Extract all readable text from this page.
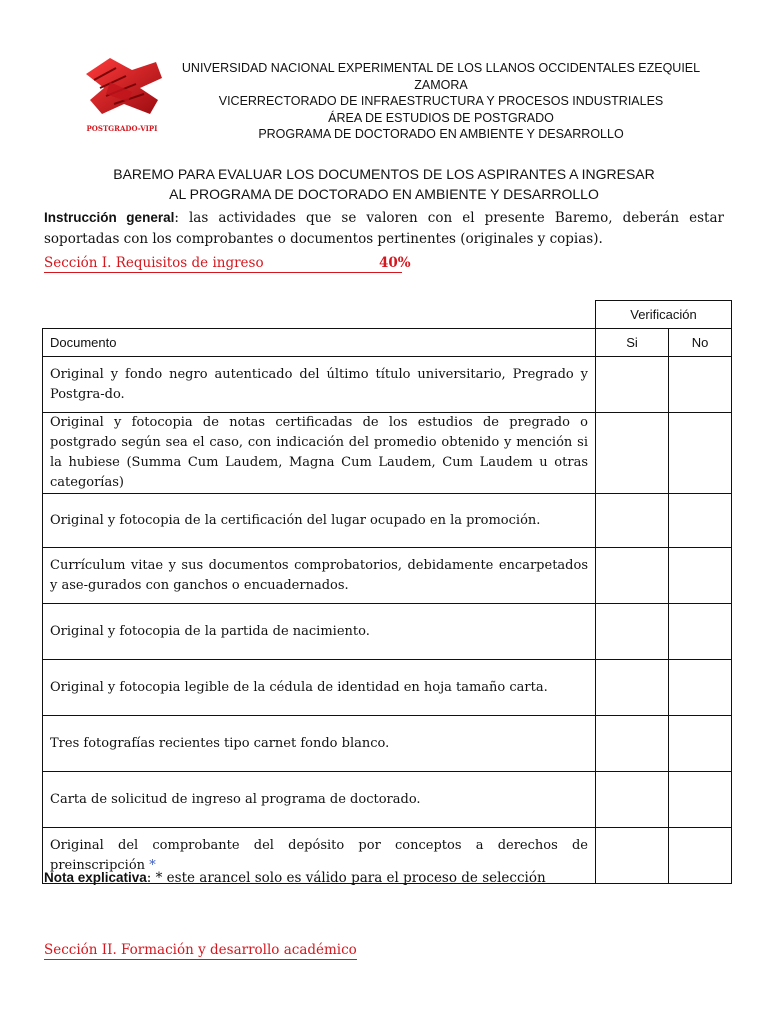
POSTGRADO-VIPI
UNIVERSIDAD NACIONAL EXPERIMENTAL DE LOS LLANOS OCCIDENTALES EZEQUIEL ZAMORA
VICERRECTORADO DE INFRAESTRUCTURA Y PROCESOS INDUSTRIALES
ÁREA DE ESTUDIOS DE POSTGRADO
PROGRAMA DE DOCTORADO EN AMBIENTE Y DESARROLLO
BAREMO PARA EVALUAR LOS DOCUMENTOS DE LOS ASPIRANTES A INGRESAR
AL PROGRAMA DE DOCTORADO EN AMBIENTE Y DESARROLLO
Instrucción general: las actividades que se valoren con el presente Baremo, deberán estar soportadas con los comprobantes o documentos pertinentes (originales y copias).
Sección I. Requisitos de ingreso	40%
	Verificación	
Documento	Si	No
Original y fondo negro autenticado del último título universitario, Pregrado y Postgra-do.		
Original y fotocopia de notas certificadas de los estudios de pregrado o postgrado según sea el caso, con indicación del promedio obtenido y mención si la hubiese (Summa Cum Laudem, Magna Cum Laudem, Cum Laudem u otras categorías)		
Original y fotocopia de la certificación del lugar ocupado en la promoción.		
Currículum vitae y sus documentos comprobatorios, debidamente encarpetados y ase-gurados con ganchos o encuadernados.		
Original y fotocopia de la partida de nacimiento.		
Original y fotocopia legible de la cédula de identidad en hoja tamaño carta.		
Tres fotografías recientes tipo carnet fondo blanco.		
Carta de solicitud de ingreso al programa de doctorado.		
Original del comprobante del depósito por conceptos a derechos de preinscripción *		
Nota explicativa: * este arancel solo es válido para el proceso de selección
Sección II. Formación y desarrollo académico
